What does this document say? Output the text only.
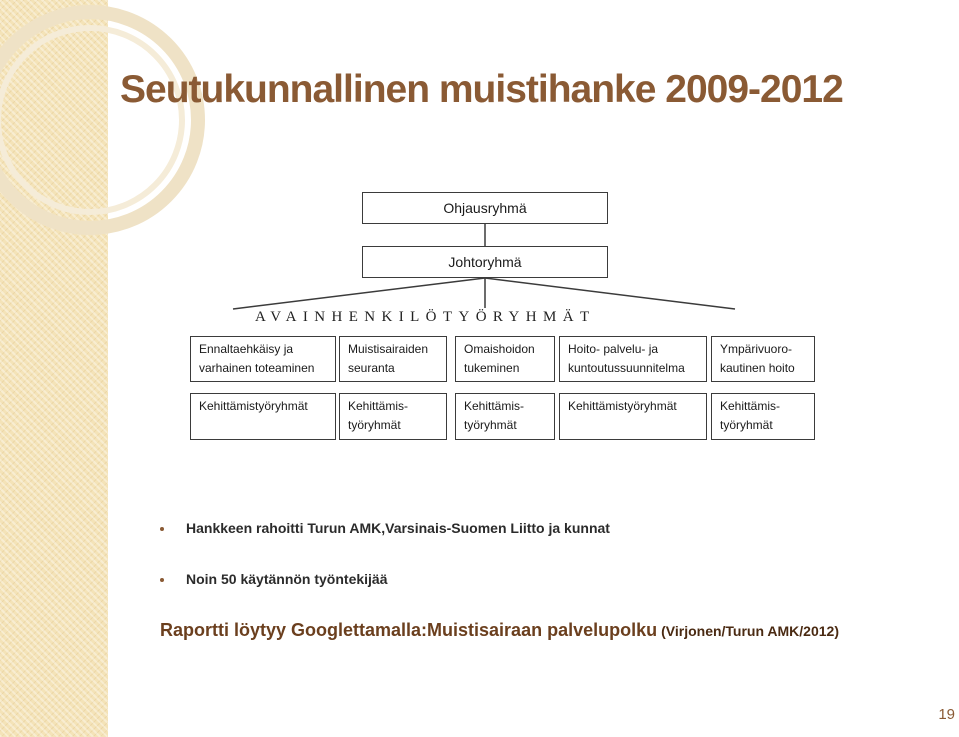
Seutukunnallinen muistihanke 2009-2012
Ohjausryhmä
Johtoryhmä
AVAINHENKILÖTYÖRYHMÄT
Ennaltaehkäisy ja
varhainen toteaminen
Muistisairaiden
seuranta
Omaishoidon
tukeminen
Hoito- palvelu- ja
kuntoutussuunnitelma
Ympärivuoro-
kautinen hoito
Kehittämistyöryhmät	Kehittämis-
työryhmät
Kehittämis-
työryhmät
Kehittämistyöryhmät	Kehittämis-
työryhmät
Hankkeen rahoitti Turun AMK,Varsinais-Suomen Liitto ja kunnat
Noin 50 käytännön työntekijää
Raportti löytyy Googlettamalla:Muistisairaan palvelupolku (Virjonen/Turun AMK/2012)
19
